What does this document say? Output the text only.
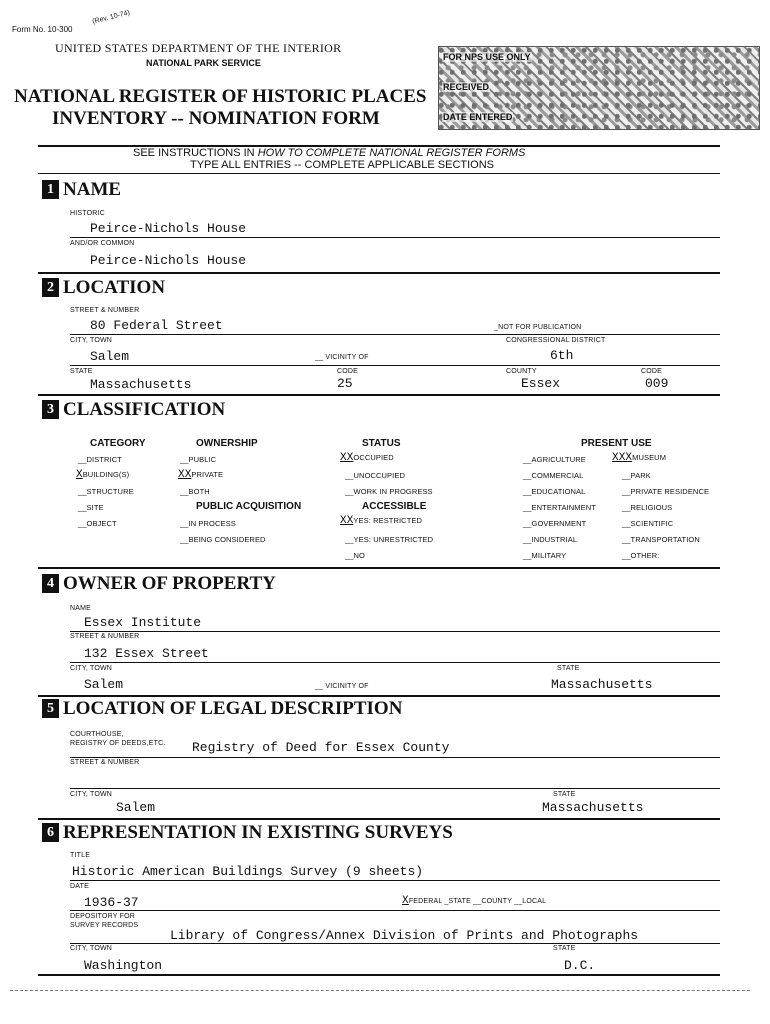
Form No. 10-300
(Rev. 10-74)
UNITED STATES DEPARTMENT OF THE INTERIOR
NATIONAL PARK SERVICE
NATIONAL REGISTER OF HISTORIC PLACES
INVENTORY -- NOMINATION FORM
FOR NPS USE ONLY
RECEIVED
DATE ENTERED
SEE INSTRUCTIONS IN HOW TO COMPLETE NATIONAL REGISTER FORMS
TYPE ALL ENTRIES -- COMPLETE APPLICABLE SECTIONS
1 NAME
HISTORIC
Peirce-Nichols House
AND/OR COMMON
Peirce-Nichols House
2 LOCATION
STREET & NUMBER
80 Federal Street	_NOT FOR PUBLICATION
CITY, TOWN	CONGRESSIONAL DISTRICT
Salem	__ VICINITY OF	6th
STATE	CODE	COUNTY	CODE
Massachusetts	25	Essex	009
3 CLASSIFICATION
CATEGORY
__DISTRICT
XBUILDING(S)
__STRUCTURE
__SITE
__OBJECT
OWNERSHIP
__PUBLIC
XXPRIVATE
__BOTH
PUBLIC ACQUISITION
__IN PROCESS
__BEING CONSIDERED
STATUS
XXOCCUPIED
__UNOCCUPIED
__WORK IN PROGRESS
ACCESSIBLE
XXYES: RESTRICTED
__YES: UNRESTRICTED
__NO
PRESENT USE
__AGRICULTURE
__COMMERCIAL
__EDUCATIONAL
__ENTERTAINMENT
__GOVERNMENT
__INDUSTRIAL
__MILITARY
XXXMUSEUM
__PARK
__PRIVATE RESIDENCE
__RELIGIOUS
__SCIENTIFIC
__TRANSPORTATION
__OTHER:
4 OWNER OF PROPERTY
NAME
Essex Institute
STREET & NUMBER
132 Essex Street
CITY, TOWN	STATE
Salem	__ VICINITY OF	Massachusetts
5 LOCATION OF LEGAL DESCRIPTION
COURTHOUSE,
REGISTRY OF DEEDS,ETC. Registry of Deed for Essex County
STREET & NUMBER
CITY, TOWN	STATE
Salem	Massachusetts
6 REPRESENTATION IN EXISTING SURVEYS
TITLE
Historic American Buildings Survey (9 sheets)
DATE
1936-37	XFEDERAL _STATE __COUNTY __LOCAL
DEPOSITORY FOR
SURVEY RECORDS
Library of Congress/Annex Division of Prints and Photographs
CITY, TOWN	STATE
Washington	D.C.
